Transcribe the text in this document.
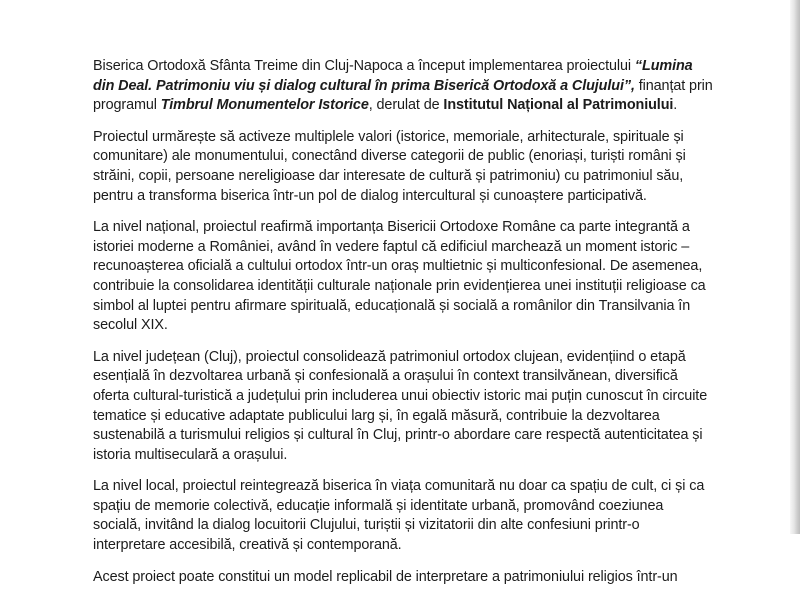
Biserica Ortodoxă Sfânta Treime din Cluj-Napoca a început implementarea proiectului “Lumina din Deal. Patrimoniu viu și dialog cultural în prima Biserică Ortodoxă a Clujului”, finanțat prin programul Timbrul Monumentelor Istorice, derulat de Institutul Național al Patrimoniului.

Proiectul urmărește să activeze multiplele valori (istorice, memoriale, arhitecturale, spirituale și comunitare) ale monumentului, conectând diverse categorii de public (enoriași, turiști români și străini, copii, persoane nereligioase dar interesate de cultură și patrimoniu) cu patrimoniul său, pentru a transforma biserica într-un pol de dialog intercultural și cunoaștere participativă.

La nivel național, proiectul reafirmă importanța Bisericii Ortodoxe Române ca parte integrantă a istoriei moderne a României, având în vedere faptul că edificiul marchează un moment istoric – recunoașterea oficială a cultului ortodox într-un oraș multietnic și multiconfesional. De asemenea, contribuie la consolidarea identității culturale naționale prin evidențierea unei instituții religioase ca simbol al luptei pentru afirmare spirituală, educațională și socială a românilor din Transilvania în secolul XIX.

La nivel județean (Cluj), proiectul consolidează patrimoniul ortodox clujean, evidențiind o etapă esențială în dezvoltarea urbană și confesională a orașului în context transilvănean, diversifică oferta cultural-turistică a județului prin includerea unui obiectiv istoric mai puțin cunoscut în circuite tematice și educative adaptate publicului larg și, în egală măsură, contribuie la dezvoltarea sustenabilă a turismului religios și cultural în Cluj, printr-o abordare care respectă autenticitatea și istoria multiseculară a orașului.

La nivel local, proiectul reintegrează biserica în viața comunitară nu doar ca spațiu de cult, ci și ca spațiu de memorie colectivă, educație informală și identitate urbană, promovând coeziunea socială, invitând la dialog locuitorii Clujului, turiștii și vizitatorii din alte confesiuni printr-o interpretare accesibilă, creativă și contemporană.

Acest proiect poate constitui un model replicabil de interpretare a patrimoniului religios într-un
